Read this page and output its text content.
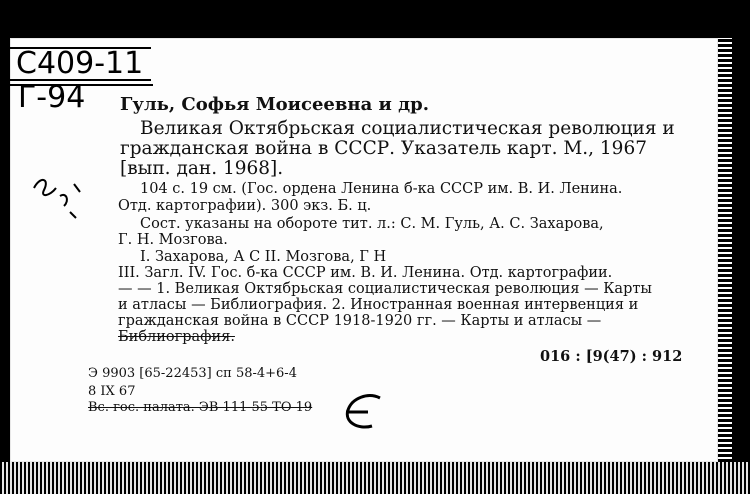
С409-11
Г-94 Гуль, Софья Моисеевна и др.
Великая Октябрьская социалистическая революция и
гражданская война в СССР. Указатель карт. М., 1967
[вып. дан. 1968].
104 с. 19 см. (Гос. ордена Ленина б-ка СССР им. В. И. Ленина.
Отд. картографии). 300 экз. Б. ц.
Сост. указаны на обороте тит. л.: С. М. Гуль, А. С. Захарова,
Г. Н. Мозгова.
I. Захарова, А С II. Мозгова, Г Н
III. Загл. IV. Гос. б-ка СССР им. В. И. Ленина. Отд. картографии.
— — 1. Великая Октябрьская социалистическая революция — Карты
и атласы — Библиография. 2. Иностранная военная интервенция и
гражданская война в СССР 1918-1920 гг. — Карты и атласы —
Библиография.
016 : [9(47) : 912
Э 9903 [65-22453] сп 58-4+6-4
8 IX 67
Вс. гос. палата. ЭВ 111 55 ТО 19
